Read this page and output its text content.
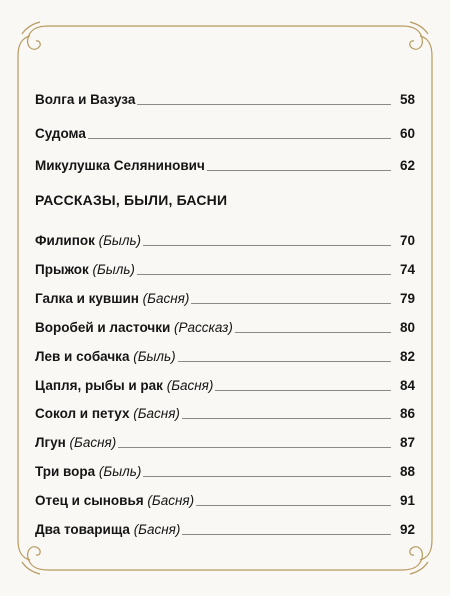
Волга и Вазуза	58
Судома	60
Микулушка Селянинович	62
РАССКАЗЫ, БЫЛИ, БАСНИ
Филипок (Быль)	70
Прыжок (Быль)	74
Галка и кувшин (Басня)	79
Воробей и ласточки (Рассказ)	80
Лев и собачка (Быль)	82
Цапля, рыбы и рак (Басня)	84
Сокол и петух (Басня)	86
Лгун (Басня)	87
Три вора (Быль)	88
Отец и сыновья (Басня)	91
Два товарища (Басня)	92
